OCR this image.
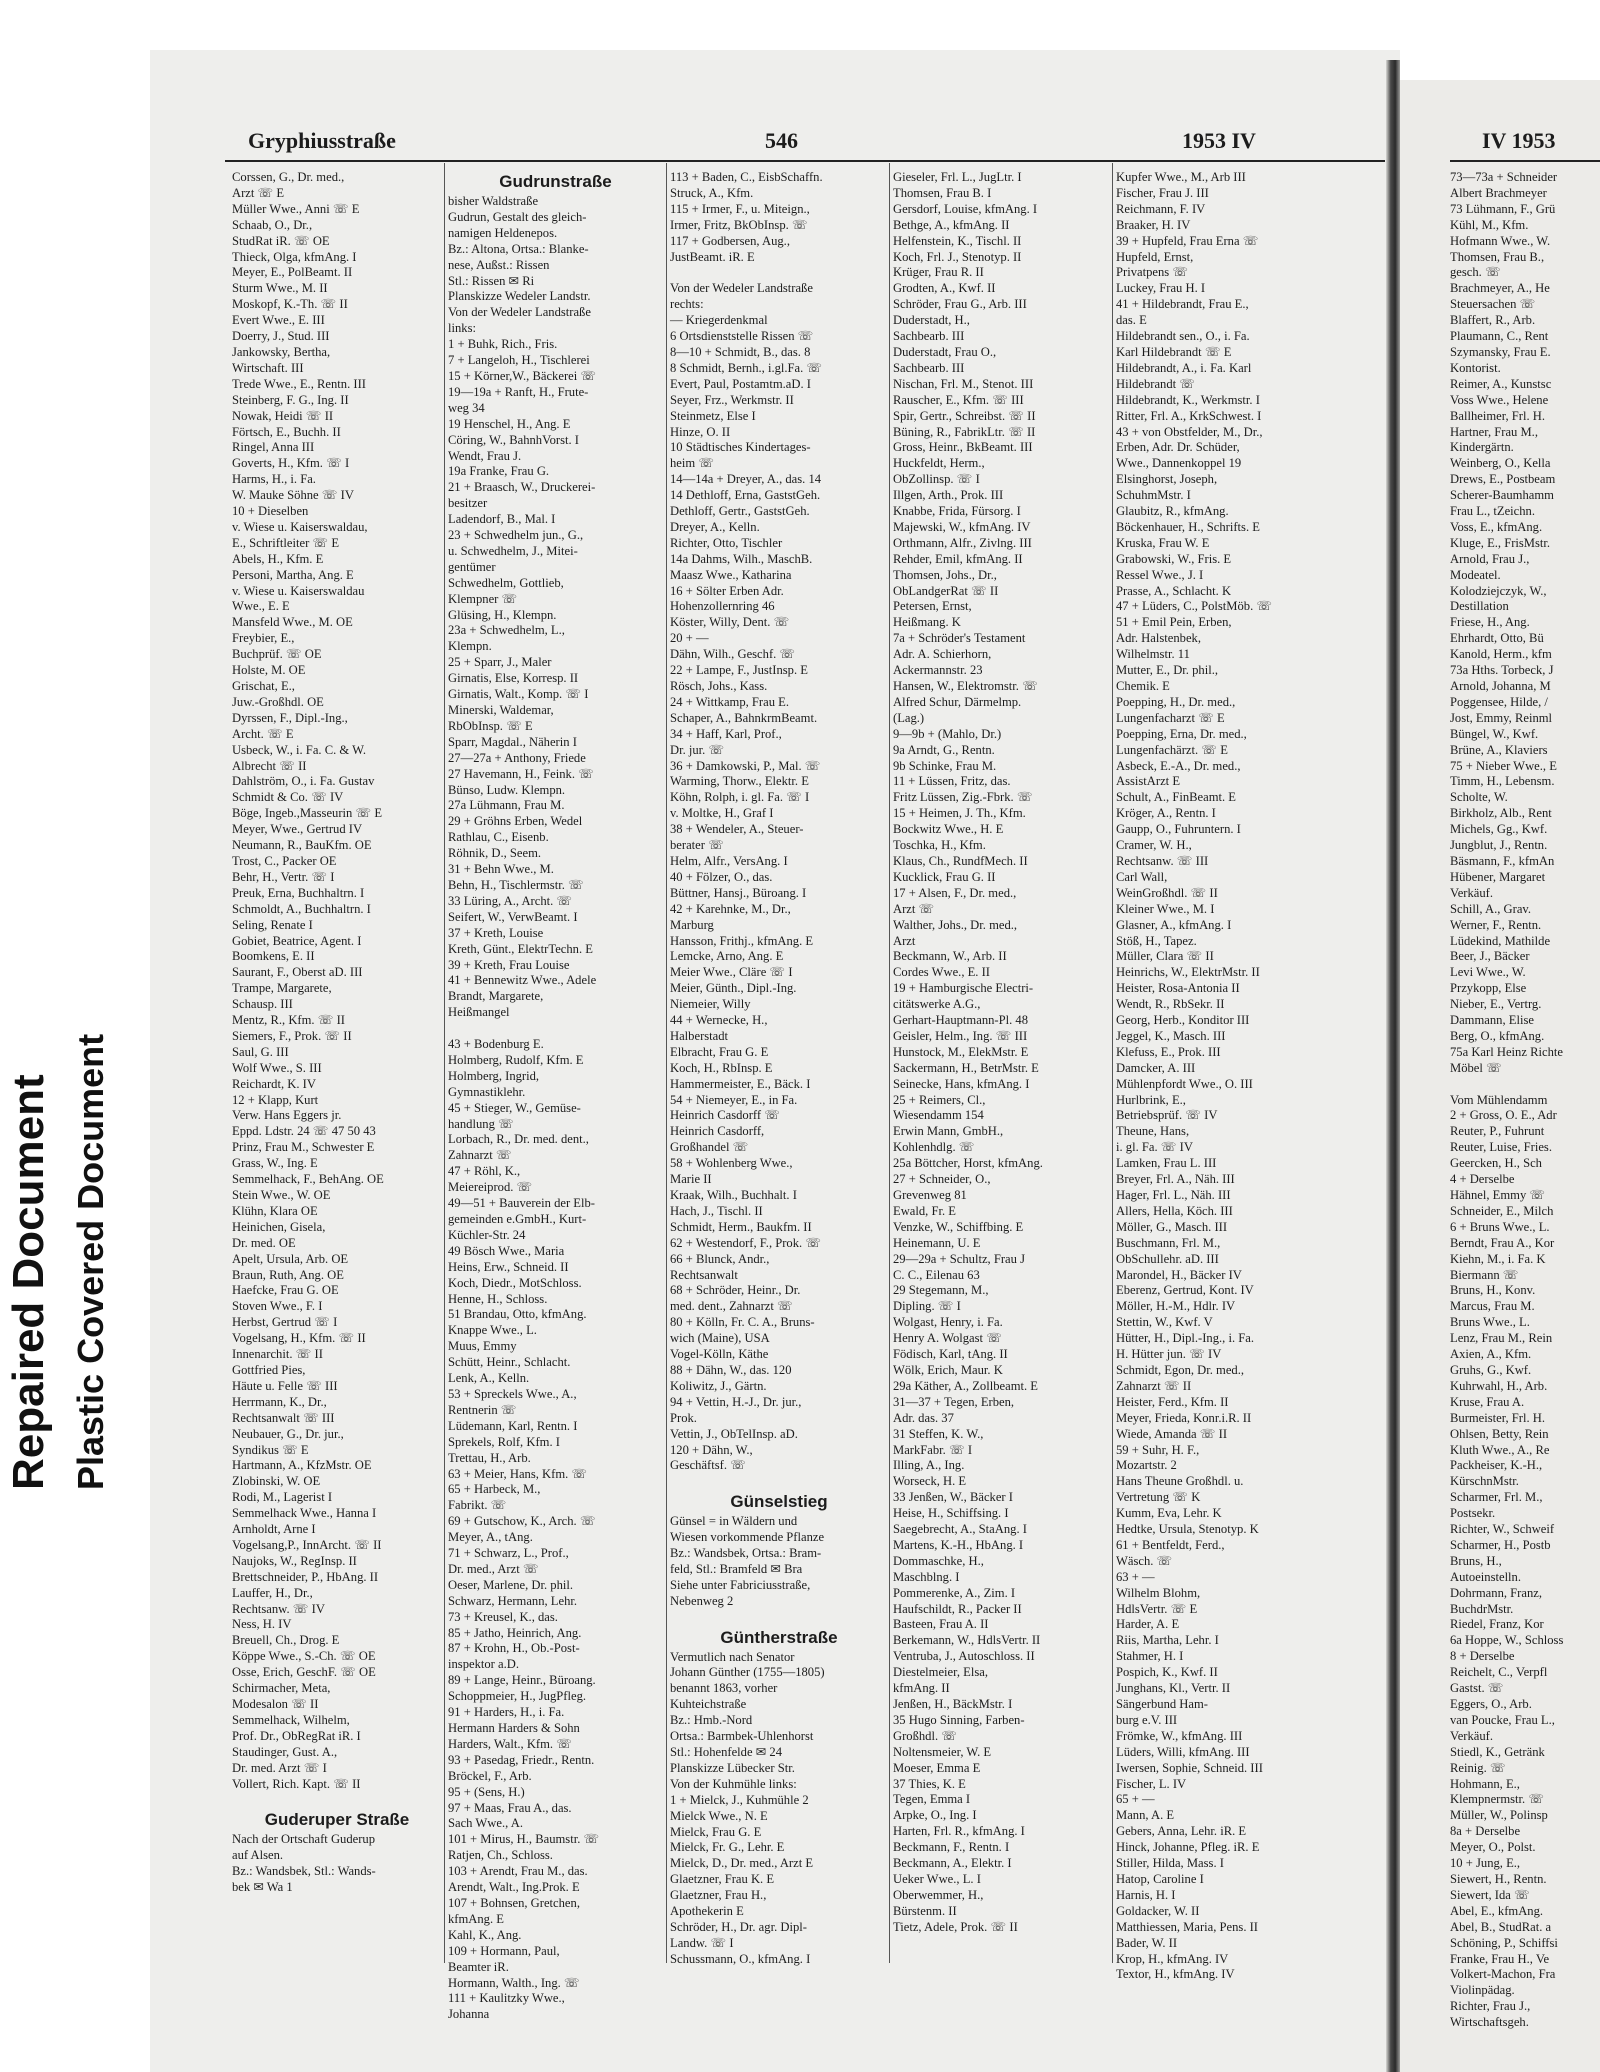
Repaired Document Plastic Covered Document
Gryphiusstraße	546	1953 IV	IV 1953
Corssen, G., Dr. med.,
Arzt ☏ E
Müller Wwe., Anni ☏ E
Schaab, O., Dr.,
StudRat iR. ☏ OE
Thieck, Olga, kfmAng. I
Meyer, E., PolBeamt. II
Sturm Wwe., M. II
Moskopf, K.-Th. ☏ II
Evert Wwe., E. III
Doerry, J., Stud. III
Jankowsky, Bertha,
Wirtschaft. III
Trede Wwe., E., Rentn. III
Steinberg, F. G., Ing. II
Nowak, Heidi ☏ II
Förtsch, E., Buchh. II
Ringel, Anna III
Goverts, H., Kfm. ☏ I
Harms, H., i. Fa.
W. Mauke Söhne ☏ IV
10 + Dieselben
v. Wiese u. Kaiserswaldau,
E., Schriftleiter ☏ E
Abels, H., Kfm. E
Personi, Martha, Ang. E
v. Wiese u. Kaiserswaldau
Wwe., E. E
Mansfeld Wwe., M. OE
Freybier, E.,
Buchprüf. ☏ OE
Holste, M. OE
Grischat, E.,
Juw.-Großhdl. OE
Dyrssen, F., Dipl.-Ing.,
Archt. ☏ E
Usbeck, W., i. Fa. C. & W.
Albrecht ☏ II
Dahlström, O., i. Fa. Gustav
Schmidt & Co. ☏ IV
Böge, Ingeb.,Masseurin ☏ E
Meyer, Wwe., Gertrud IV
Neumann, R., BauKfm. OE
Trost, C., Packer OE
Behr, H., Vertr. ☏ I
Preuk, Erna, Buchhaltrn. I
Schmoldt, A., Buchhaltrn. I
Seling, Renate I
Gobiet, Beatrice, Agent. I
Boomkens, E. II
Saurant, F., Oberst aD. III
Trampe, Margarete,
Schausp. III
Mentz, R., Kfm. ☏ II
Siemers, F., Prok. ☏ II
Saul, G. III
Wolf Wwe., S. III
Reichardt, K. IV
12 + Klapp, Kurt
Verw. Hans Eggers jr.
Eppd. Ldstr. 24 ☏ 47 50 43
Prinz, Frau M., Schwester E
Grass, W., Ing. E
Semmelhack, F., BehAng. OE
Stein Wwe., W. OE
Klühn, Klara OE
Heinichen, Gisela,
Dr. med. OE
Apelt, Ursula, Arb. OE
Braun, Ruth, Ang. OE
Haefcke, Frau G. OE
Stoven Wwe., F. I
Herbst, Gertrud ☏ I
Vogelsang, H., Kfm. ☏ II
Innenarchit. ☏ II
Gottfried Pies,
Häute u. Felle ☏ III
Herrmann, K., Dr.,
Rechtsanwalt ☏ III
Neubauer, G., Dr. jur.,
Syndikus ☏ E
Hartmann, A., KfzMstr. OE
Zlobinski, W. OE
Rodi, M., Lagerist I
Semmelhack Wwe., Hanna I
Arnholdt, Arne I
Vogelsang,P., InnArcht. ☏ II
Naujoks, W., RegInsp. II
Brettschneider, P., HbAng. II
Lauffer, H., Dr.,
Rechtsanw. ☏ IV
Ness, H. IV
Breuell, Ch., Drog. E
Köppe Wwe., S.-Ch. ☏ OE
Osse, Erich, GeschF. ☏ OE
Schirmacher, Meta,
Modesalon ☏ II
Semmelhack, Wilhelm,
Prof. Dr., ObRegRat iR. I
Staudinger, Gust. A.,
Dr. med. Arzt ☏ I
Vollert, Rich. Kapt. ☏ II

Guderuper Straße
Nach der Ortschaft Guderup
auf Alsen.
Bz.: Wandsbek, Stl.: Wands-
bek ✉ Wa 1
Gudrunstraße
bisher Waldstraße
Gudrun, Gestalt des gleich-
namigen Heldenepos.
Bz.: Altona, Ortsa.: Blanke-
nese, Außst.: Rissen
Stl.: Rissen ✉ Ri
Planskizze Wedeler Landstr.
Von der Wedeler Landstraße
links:
1 + Buhk, Rich., Fris.
7 + Langeloh, H., Tischlerei
15 + Körner,W., Bäckerei ☏
19—19a + Ranft, H., Frute-
weg 34
19 Henschel, H., Ang. E
Cöring, W., BahnhVorst. I
Wendt, Frau J.
19a Franke, Frau G.
21 + Braasch, W., Druckerei-
besitzer
Ladendorf, B., Mal. I
23 + Schwedhelm jun., G.,
u. Schwedhelm, J., Mitei-
gentümer
Schwedhelm, Gottlieb,
Klempner ☏
Glüsing, H., Klempn.
23a + Schwedhelm, L.,
Klempn.
25 + Sparr, J., Maler
Girnatis, Else, Korresp. II
Girnatis, Walt., Komp. ☏ I
Minerski, Waldemar,
RbObInsp. ☏ E
Sparr, Magdal., Näherin I
27—27a + Anthony, Friede
27 Havemann, H., Feink. ☏
Bünso, Ludw. Klempn.
27a Lühmann, Frau M.
29 + Gröhns Erben, Wedel
Rathlau, C., Eisenb.
Röhnik, D., Seem.
31 + Behn Wwe., M.
Behn, H., Tischlermstr. ☏
33 Lüring, A., Archt. ☏
Seifert, W., VerwBeamt. I
37 + Kreth, Louise
Kreth, Günt., ElektrTechn. E
39 + Kreth, Frau Louise
41 + Bennewitz Wwe., Adele
Brandt, Margarete,
Heißmangel

43 + Bodenburg E.
Holmberg, Rudolf, Kfm. E
Holmberg, Ingrid,
Gymnastiklehr.
45 + Stieger, W., Gemüse-
handlung ☏
Lorbach, R., Dr. med. dent.,
Zahnarzt ☏
47 + Röhl, K.,
Meiereiprod. ☏
49—51 + Bauverein der Elb-
gemeinden e.GmbH., Kurt-
Küchler-Str. 24
49 Bösch Wwe., Maria
Heins, Erw., Schneid. II
Koch, Diedr., MotSchloss.
Henne, H., Schloss.
51 Brandau, Otto, kfmAng.
Knappe Wwe., L.
Muus, Emmy
Schütt, Heinr., Schlacht.
Lenk, A., Kelln.
53 + Spreckels Wwe., A.,
Rentnerin ☏
Lüdemann, Karl, Rentn. I
Sprekels, Rolf, Kfm. I
Trettau, H., Arb.
63 + Meier, Hans, Kfm. ☏
65 + Harbeck, M.,
Fabrikt. ☏
69 + Gutschow, K., Arch. ☏
Meyer, A., tAng.
71 + Schwarz, L., Prof.,
Dr. med., Arzt ☏
Oeser, Marlene, Dr. phil.
Schwarz, Hermann, Lehr.
73 + Kreusel, K., das.
85 + Jatho, Heinrich, Ang.
87 + Krohn, H., Ob.-Post-
inspektor a.D.
89 + Lange, Heinr., Büroang.
Schoppmeier, H., JugPfleg.
91 + Harders, H., i. Fa.
Hermann Harders & Sohn
Harders, Walt., Kfm. ☏
93 + Pasedag, Friedr., Rentn.
Bröckel, F., Arb.
95 + (Sens, H.)
97 + Maas, Frau A., das.
Sach Wwe., A.
101 + Mirus, H., Baumstr. ☏
Ratjen, Ch., Schloss.
103 + Arendt, Frau M., das.
Arendt, Walt., Ing.Prok. E
107 + Bohnsen, Gretchen,
kfmAng. E
Kahl, K., Ang.
109 + Hormann, Paul,
Beamter iR.
Hormann, Walth., Ing. ☏
111 + Kaulitzky Wwe.,
Johanna
113 + Baden, C., EisbSchaffn.
Struck, A., Kfm.
115 + Irmer, F., u. Miteign.,
Irmer, Fritz, BkObInsp. ☏
117 + Godbersen, Aug.,
JustBeamt. iR. E

Von der Wedeler Landstraße
rechts:
— Kriegerdenkmal
6 Ortsdienststelle Rissen ☏
8—10 + Schmidt, B., das. 8
8 Schmidt, Bernh., i.gl.Fa. ☏
Evert, Paul, Postamtm.aD. I
Seyer, Frz., Werkmstr. II
Steinmetz, Else I
Hinze, O. II
10 Städtisches Kindertages-
heim ☏
14—14a + Dreyer, A., das. 14
14 Dethloff, Erna, GaststGeh.
Dethloff, Gertr., GaststGeh.
Dreyer, A., Kelln.
Richter, Otto, Tischler
14a Dahms, Wilh., MaschB.
Maasz Wwe., Katharina
16 + Sölter Erben Adr.
Hohenzollernring 46
Köster, Willy, Dent. ☏
20 + —
Dähn, Wilh., Geschf. ☏
22 + Lampe, F., JustInsp. E
Rösch, Johs., Kass.
24 + Wittkamp, Frau E.
Schaper, A., BahnkrmBeamt.
34 + Haff, Karl, Prof.,
Dr. jur. ☏
36 + Damkowski, P., Mal. ☏
Warming, Thorw., Elektr. E
Köhn, Rolph, i. gl. Fa. ☏ I
v. Moltke, H., Graf I
38 + Wendeler, A., Steuer-
berater ☏
Helm, Alfr., VersAng. I
40 + Fölzer, O., das.
Büttner, Hansj., Büroang. I
42 + Karehnke, M., Dr.,
Marburg
Hansson, Frithj., kfmAng. E
Lemcke, Arno, Ang. E
Meier Wwe., Cläre ☏ I
Meier, Günth., Dipl.-Ing.
Niemeier, Willy
44 + Wernecke, H.,
Halberstadt
Elbracht, Frau G. E
Koch, H., RbInsp. E
Hammermeister, E., Bäck. I
54 + Niemeyer, E., in Fa.
Heinrich Casdorff ☏
Heinrich Casdorff,
Großhandel ☏
58 + Wohlenberg Wwe.,
Marie II
Kraak, Wilh., Buchhalt. I
Hach, J., Tischl. II
Schmidt, Herm., Baukfm. II
62 + Westendorf, F., Prok. ☏
66 + Blunck, Andr.,
Rechtsanwalt
68 + Schröder, Heinr., Dr.
med. dent., Zahnarzt ☏
80 + Kölln, Fr. C. A., Bruns-
wich (Maine), USA
Vogel-Kölln, Käthe
88 + Dähn, W., das. 120
Koliwitz, J., Gärtn.
94 + Vettin, H.-J., Dr. jur.,
Prok.
Vettin, J., ObTelInsp. aD.
120 + Dähn, W.,
Geschäftsf. ☏

Günselstieg
Günsel = in Wäldern und
Wiesen vorkommende Pflanze
Bz.: Wandsbek, Ortsa.: Bram-
feld, Stl.: Bramfeld ✉ Bra
Siehe unter Fabriciusstraße,
Nebenweg 2

Güntherstraße
Vermutlich nach Senator
Johann Günther (1755—1805)
benannt 1863, vorher
Kuhteichstraße
Bz.: Hmb.-Nord
Ortsa.: Barmbek-Uhlenhorst
Stl.: Hohenfelde ✉ 24
Planskizze Lübecker Str.
Von der Kuhmühle links:
1 + Mielck, J., Kuhmühle 2
Mielck Wwe., N. E
Mielck, Frau G. E
Mielck, Fr. G., Lehr. E
Mielck, D., Dr. med., Arzt E
Glaetzner, Frau K. E
Glaetzner, Frau H.,
Apothekerin E
Schröder, H., Dr. agr. Dipl-
Landw. ☏ I
Schussmann, O., kfmAng. I
Gieseler, Frl. L., JugLtr. I
Thomsen, Frau B. I
Gersdorf, Louise, kfmAng. I
Bethge, A., kfmAng. II
Helfenstein, K., Tischl. II
Koch, Frl. J., Stenotyp. II
Krüger, Frau R. II
Grodten, A., Kwf. II
Schröder, Frau G., Arb. III
Duderstadt, H.,
Sachbearb. III
Duderstadt, Frau O.,
Sachbearb. III
Nischan, Frl. M., Stenot. III
Rauscher, E., Kfm. ☏ III
Spir, Gertr., Schreibst. ☏ II
Büning, R., FabrikLtr. ☏ II
Gross, Heinr., BkBeamt. III
Huckfeldt, Herm.,
ObZollinsp. ☏ I
Illgen, Arth., Prok. III
Knabbe, Frida, Fürsorg. I
Majewski, W., kfmAng. IV
Orthmann, Alfr., Zivlng. III
Rehder, Emil, kfmAng. II
Thomsen, Johs., Dr.,
ObLandgerRat ☏ II
Petersen, Ernst,
Heißmang. K
7a + Schröder's Testament
Adr. A. Schierhorn,
Ackermannstr. 23
Hansen, W., Elektromstr. ☏
Alfred Schur, Därmelmp.
(Lag.)
9—9b + (Mahlo, Dr.)
9a Arndt, G., Rentn.
9b Schinke, Frau M.
11 + Lüssen, Fritz, das.
Fritz Lüssen, Zig.-Fbrk. ☏
15 + Heimen, J. Th., Kfm.
Bockwitz Wwe., H. E
Toschka, H., Kfm.
Klaus, Ch., RundfMech. II
Kucklick, Frau G. II
17 + Alsen, F., Dr. med.,
Arzt ☏
Walther, Johs., Dr. med.,
Arzt
Beckmann, W., Arb. II
Cordes Wwe., E. II
19 + Hamburgische Electri-
citätswerke A.G.,
Gerhart-Hauptmann-Pl. 48
Geisler, Helm., Ing. ☏ III
Hunstock, M., ElekMstr. E
Sackermann, H., BetrMstr. E
Seinecke, Hans, kfmAng. I
25 + Reimers, Cl.,
Wiesendamm 154
Erwin Mann, GmbH.,
Kohlenhdlg. ☏
25a Böttcher, Horst, kfmAng.
27 + Schneider, O.,
Grevenweg 81
Ewald, Fr. E
Venzke, W., Schiffbing. E
Heinemann, U. E
29—29a + Schultz, Frau J
C. C., Eilenau 63
29 Stegemann, M.,
Dipling. ☏ I
Wolgast, Henry, i. Fa.
Henry A. Wolgast ☏
Födisch, Karl, tAng. II
Wölk, Erich, Maur. K
29a Käther, A., Zollbeamt. E
31—37 + Tegen, Erben,
Adr. das. 37
31 Steffen, K. W.,
MarkFabr. ☏ I
Illing, A., Ing.
Worseck, H. E
33 Jenßen, W., Bäcker I
Heise, H., Schiffsing. I
Saegebrecht, A., StaAng. I
Martens, K.-H., HbAng. I
Dommaschke, H.,
Maschblng. I
Pommerenke, A., Zim. I
Haufschildt, R., Packer II
Basteen, Frau A. II
Berkemann, W., HdlsVertr. II
Ventruba, J., Autoschloss. II
Diestelmeier, Elsa,
kfmAng. II
Jenßen, H., BäckMstr. I
35 Hugo Sinning, Farben-
Großhdl. ☏
Noltensmeier, W. E
Moeser, Emma E
37 Thies, K. E
Tegen, Emma I
Arpke, O., Ing. I
Harten, Frl. R., kfmAng. I
Beckmann, F., Rentn. I
Beckmann, A., Elektr. I
Ueker Wwe., L. I
Oberwemmer, H.,
Bürstenm. II
Tietz, Adele, Prok. ☏ II
Kupfer Wwe., M., Arb III
Fischer, Frau J. III
Reichmann, F. IV
Braaker, H. IV
39 + Hupfeld, Frau Erna ☏
Hupfeld, Ernst,
Privatpens ☏
Luckey, Frau H. I
41 + Hildebrandt, Frau E.,
das. E
Hildebrandt sen., O., i. Fa.
Karl Hildebrandt ☏ E
Hildebrandt, A., i. Fa. Karl
Hildebrandt ☏
Hildebrandt, K., Werkmstr. I
Ritter, Frl. A., KrkSchwest. I
43 + von Obstfelder, M., Dr.,
Erben, Adr. Dr. Schüder,
Wwe., Dannenkoppel 19
Elsinghorst, Joseph,
SchuhmMstr. I
Glaubitz, R., kfmAng.
Böckenhauer, H., Schrifts. E
Kruska, Frau W. E
Grabowski, W., Fris. E
Ressel Wwe., J. I
Prasse, A., Schlacht. K
47 + Lüders, C., PolstMöb. ☏
51 + Emil Pein, Erben,
Adr. Halstenbek,
Wilhelmstr. 11
Mutter, E., Dr. phil.,
Chemik. E
Poepping, H., Dr. med.,
Lungenfacharzt ☏ E
Poepping, Erna, Dr. med.,
Lungenfachärzt. ☏ E
Asbeck, E.-A., Dr. med.,
AssistArzt E
Schult, A., FinBeamt. E
Kröger, A., Rentn. I
Gaupp, O., Fuhruntern. I
Cramer, W. H.,
Rechtsanw. ☏ III
Carl Wall,
WeinGroßhdl. ☏ II
Kleiner Wwe., M. I
Glasner, A., kfmAng. I
Stöß, H., Tapez.
Müller, Clara ☏ II
Heinrichs, W., ElektrMstr. II
Heister, Rosa-Antonia II
Wendt, R., RbSekr. II
Georg, Herb., Konditor III
Jeggel, K., Masch. III
Klefuss, E., Prok. III
Damcker, A. III
Mühlenpfordt Wwe., O. III
Hurlbrink, E.,
Betriebsprüf. ☏ IV
Theune, Hans,
i. gl. Fa. ☏ IV
Lamken, Frau L. III
Breyer, Frl. A., Näh. III
Hager, Frl. L., Näh. III
Allers, Hella, Köch. III
Möller, G., Masch. III
Buschmann, Frl. M.,
ObSchullehr. aD. III
Marondel, H., Bäcker IV
Eberenz, Gertrud, Kont. IV
Möller, H.-M., Hdlr. IV
Stettin, W., Kwf. V
Hütter, H., Dipl.-Ing., i. Fa.
H. Hütter jun. ☏ IV
Schmidt, Egon, Dr. med.,
Zahnarzt ☏ II
Heister, Ferd., Kfm. II
Meyer, Frieda, Konr.i.R. II
Wiede, Amanda ☏ II
59 + Suhr, H. F.,
Mozartstr. 2
Hans Theune Großhdl. u.
Vertretung ☏ K
Kumm, Eva, Lehr. K
Hedtke, Ursula, Stenotyp. K
61 + Bentfeldt, Ferd.,
Wäsch. ☏
63 + —
Wilhelm Blohm,
HdlsVertr. ☏ E
Harder, A. E
Riis, Martha, Lehr. I
Stahmer, H. I
Pospich, K., Kwf. II
Junghans, Kl., Vertr. II
Sängerbund Ham-
burg e.V. III
Frömke, W., kfmAng. III
Lüders, Willi, kfmAng. III
Iwersen, Sophie, Schneid. III
Fischer, L. IV
65 + —
Mann, A. E
Gebers, Anna, Lehr. iR. E
Hinck, Johanne, Pfleg. iR. E
Stiller, Hilda, Mass. I
Hatop, Caroline I
Harnis, H. I
Goldacker, W. II
Matthiessen, Maria, Pens. II
Bader, W. II
Krop, H., kfmAng. IV
Textor, H., kfmAng. IV
73—73a + Schneider
Albert Brachmeyer
73 Lühmann, F., Grü
Kühl, M., Kfm.
Hofmann Wwe., W.
Thomsen, Frau B.,
gesch. ☏
Brachmeyer, A., He
Steuersachen ☏
Blaffert, R., Arb.
Plaumann, C., Rent
Szymansky, Frau E.
Kontorist.
Reimer, A., Kunstsc
Voss Wwe., Helene
Ballheimer, Frl. H.
Hartner, Frau M.,
Kindergärtn.
Weinberg, O., Kella
Drews, E., Postbeam
Scherer-Baumhamm
Frau L., tZeichn.
Voss, E., kfmAng.
Kluge, E., FrisMstr.
Arnold, Frau J.,
Modeatel.
Kolodziejczyk, W.,
Destillation
Friese, H., Ang.
Ehrhardt, Otto, Bü
Kanold, Herm., kfm
73a Hths. Torbeck, J
Arnold, Johanna, M
Poggensee, Hilde, /
Jost, Emmy, Reinml
Büngel, W., Kwf.
Brüne, A., Klaviers
75 + Nieber Wwe., E
Timm, H., Lebensm.
Scholte, W.
Birkholz, Alb., Rent
Michels, Gg., Kwf.
Jungblut, J., Rentn.
Bäsmann, F., kfmAn
Hübener, Margaret
Verkäuf.
Schill, A., Grav.
Werner, F., Rentn.
Lüdekind, Mathilde
Beer, J., Bäcker
Levi Wwe., W.
Przykopp, Else
Nieber, E., Vertrg.
Dammann, Elise
Berg, O., kfmAng.
75a Karl Heinz Richte
Möbel ☏

Vom Mühlendamm
2 + Gross, O. E., Adr
Reuter, P., Fuhrunt
Reuter, Luise, Fries.
Geercken, H., Sch
4 + Derselbe
Hähnel, Emmy ☏
Schneider, E., Milch
6 + Bruns Wwe., L.
Berndt, Frau A., Kor
Kiehn, M., i. Fa. K
Biermann ☏
Bruns, H., Konv.
Marcus, Frau M.
Bruns Wwe., L.
Lenz, Frau M., Rein
Axien, A., Kfm.
Gruhs, G., Kwf.
Kuhrwahl, H., Arb.
Kruse, Frau A.
Burmeister, Frl. H.
Ohlsen, Betty, Rein
Kluth Wwe., A., Re
Packheiser, K.-H.,
KürschnMstr.
Scharmer, Frl. M.,
Postsekr.
Richter, W., Schweif
Scharmer, H., Postb
Bruns, H.,
Autoeinstelln.
Dohrmann, Franz,
BuchdrMstr.
Riedel, Franz, Kor
6a Hoppe, W., Schloss
8 + Derselbe
Reichelt, C., Verpfl
Gastst. ☏
Eggers, O., Arb.
van Poucke, Frau L.,
Verkäuf.
Stiedl, K., Getränk
Reinig. ☏
Hohmann, E.,
Klempnermstr. ☏
Müller, W., Polinsp
8a + Derselbe
Meyer, O., Polst.
10 + Jung, E.,
Siewert, H., Rentn.
Siewert, Ida ☏
Abel, E., kfmAng.
Abel, B., StudRat. a
Schöning, P., Schiffsi
Franke, Frau H., Ve
Volkert-Machon, Fra
Violinpädag.
Richter, Frau J.,
Wirtschaftsgeh.
